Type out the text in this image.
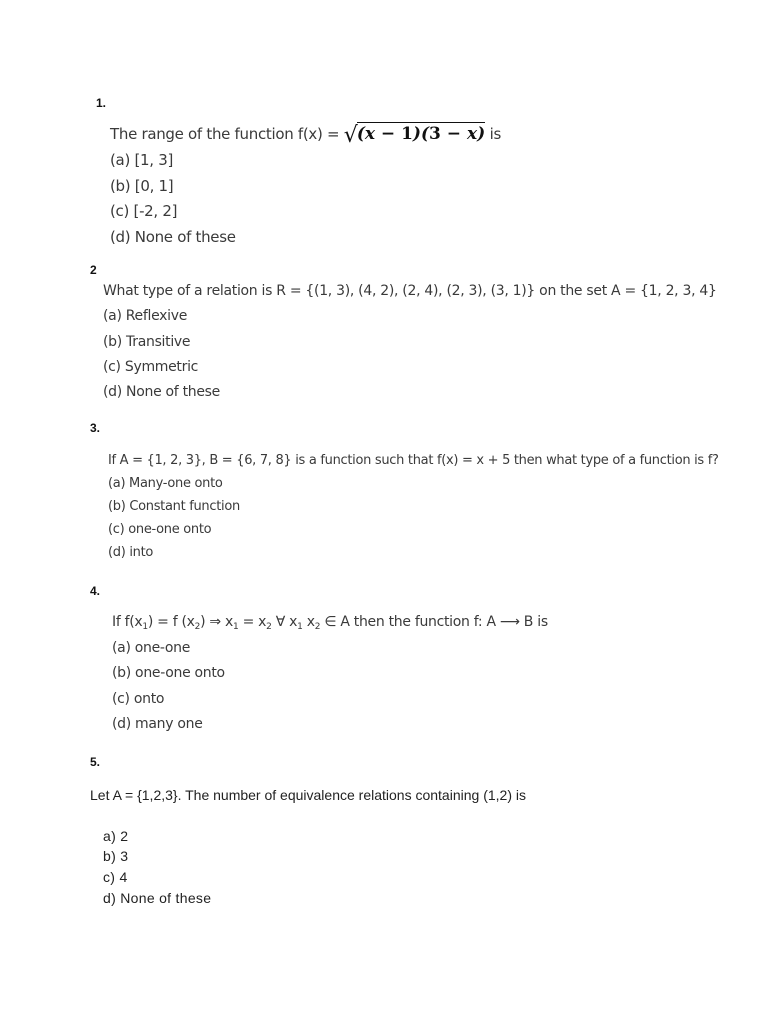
1.
The range of the function f(x) = √(x − 1)(3 − x) is
(a) [1, 3]
(b) [0, 1]
(c) [-2, 2]
(d) None of these
2
What type of a relation is R = {(1, 3), (4, 2), (2, 4), (2, 3), (3, 1)} on the set A = {1, 2, 3, 4}
(a) Reflexive
(b) Transitive
(c) Symmetric
(d) None of these
3.
If A = {1, 2, 3}, B = {6, 7, 8} is a function such that f(x) = x + 5 then what type of a function is f?
(a) Many-one onto
(b) Constant function
(c) one-one onto
(d) into
4.
If $f(x_1) = f$ $(x_2)$ ⇒ $x_1 = x_2$ ∀ $x_1$ $x_2$ ∈ A then the function f: A ⟶ B is
(a) one-one
(b) one-one onto
(c) onto
(d) many one
5.
Let A = {1,2,3}. The number of equivalence relations containing (1,2) is
a) 2
b) 3
c) 4
d) None of these
